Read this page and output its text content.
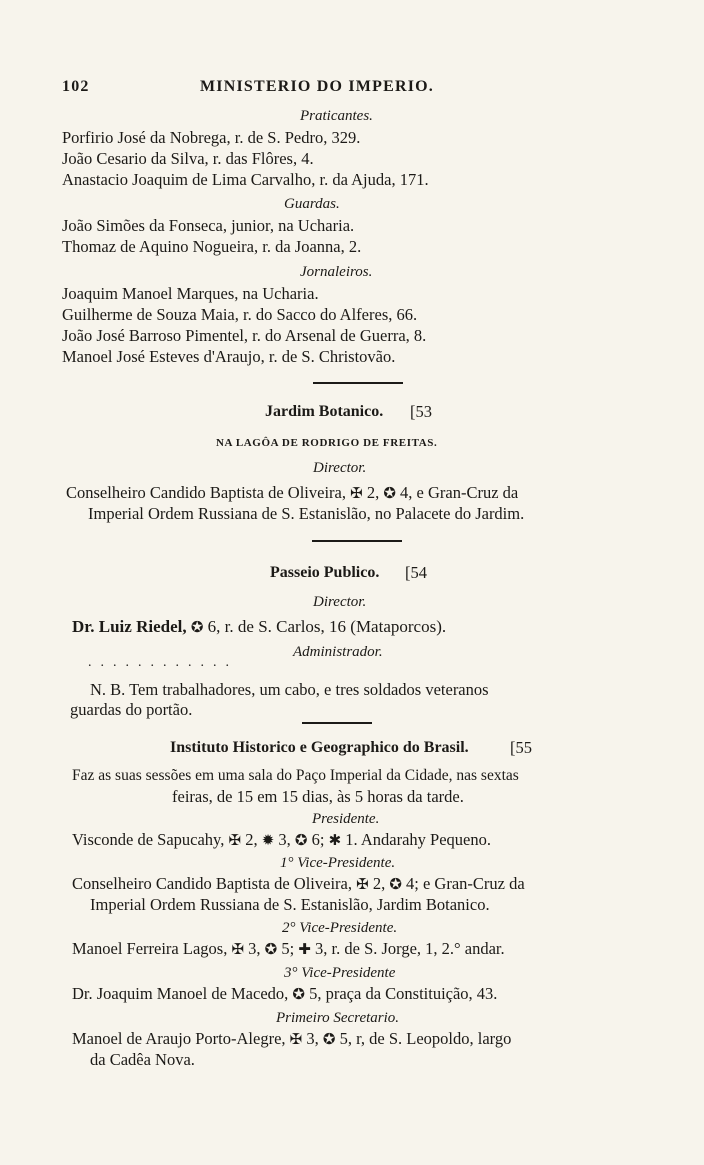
102	MINISTERIO DO IMPERIO.
Praticantes.
Porfirio José da Nobrega, r. de S. Pedro, 329.
João Cesario da Silva, r. das Flôres, 4.
Anastacio Joaquim de Lima Carvalho, r. da Ajuda, 171.
Guardas.
João Simões da Fonseca, junior, na Ucharia.
Thomaz de Aquino Nogueira, r. da Joanna, 2.
Jornaleiros.
Joaquim Manoel Marques, na Ucharia.
Guilherme de Souza Maia, r. do Sacco do Alferes, 66.
João José Barroso Pimentel, r. do Arsenal de Guerra, 8.
Manoel José Esteves d'Araujo, r. de S. Christovão.
Jardim Botanico. [53
NA LAGÔA DE RODRIGO DE FREITAS.
Director.
Conselheiro Candido Baptista de Oliveira, ✠ 2, ✪ 4, e Gran-Cruz da
Imperial Ordem Russiana de S. Estanislão, no Palacete do Jardim.
Passeio Publico. [54
Director.
Dr. Luiz Riedel, ✪ 6, r. de S. Carlos, 16 (Mataporcos).
Administrador.
............
N. B. Tem trabalhadores, um cabo, e tres soldados veteranos
guardas do portão.
Instituto Historico e Geographico do Brasil.	[55
Faz as suas sessões em uma sala do Paço Imperial da Cidade, nas sextas
feiras, de 15 em 15 dias, às 5 horas da tarde.
Presidente.
Visconde de Sapucahy, ✠ 2, ✹ 3, ✪ 6; ✱ 1. Andarahy Pequeno.
1° Vice-Presidente.
Conselheiro Candido Baptista de Oliveira, ✠ 2, ✪ 4; e Gran-Cruz da
Imperial Ordem Russiana de S. Estanislão, Jardim Botanico.
2° Vice-Presidente.
Manoel Ferreira Lagos, ✠ 3, ✪ 5; ✚ 3, r. de S. Jorge, 1, 2.° andar.
3° Vice-Presidente
Dr. Joaquim Manoel de Macedo, ✪ 5, praça da Constituição, 43.
Primeiro Secretario.
Manoel de Araujo Porto-Alegre, ✠ 3, ✪ 5, r, de S. Leopoldo, largo
da Cadêa Nova.
